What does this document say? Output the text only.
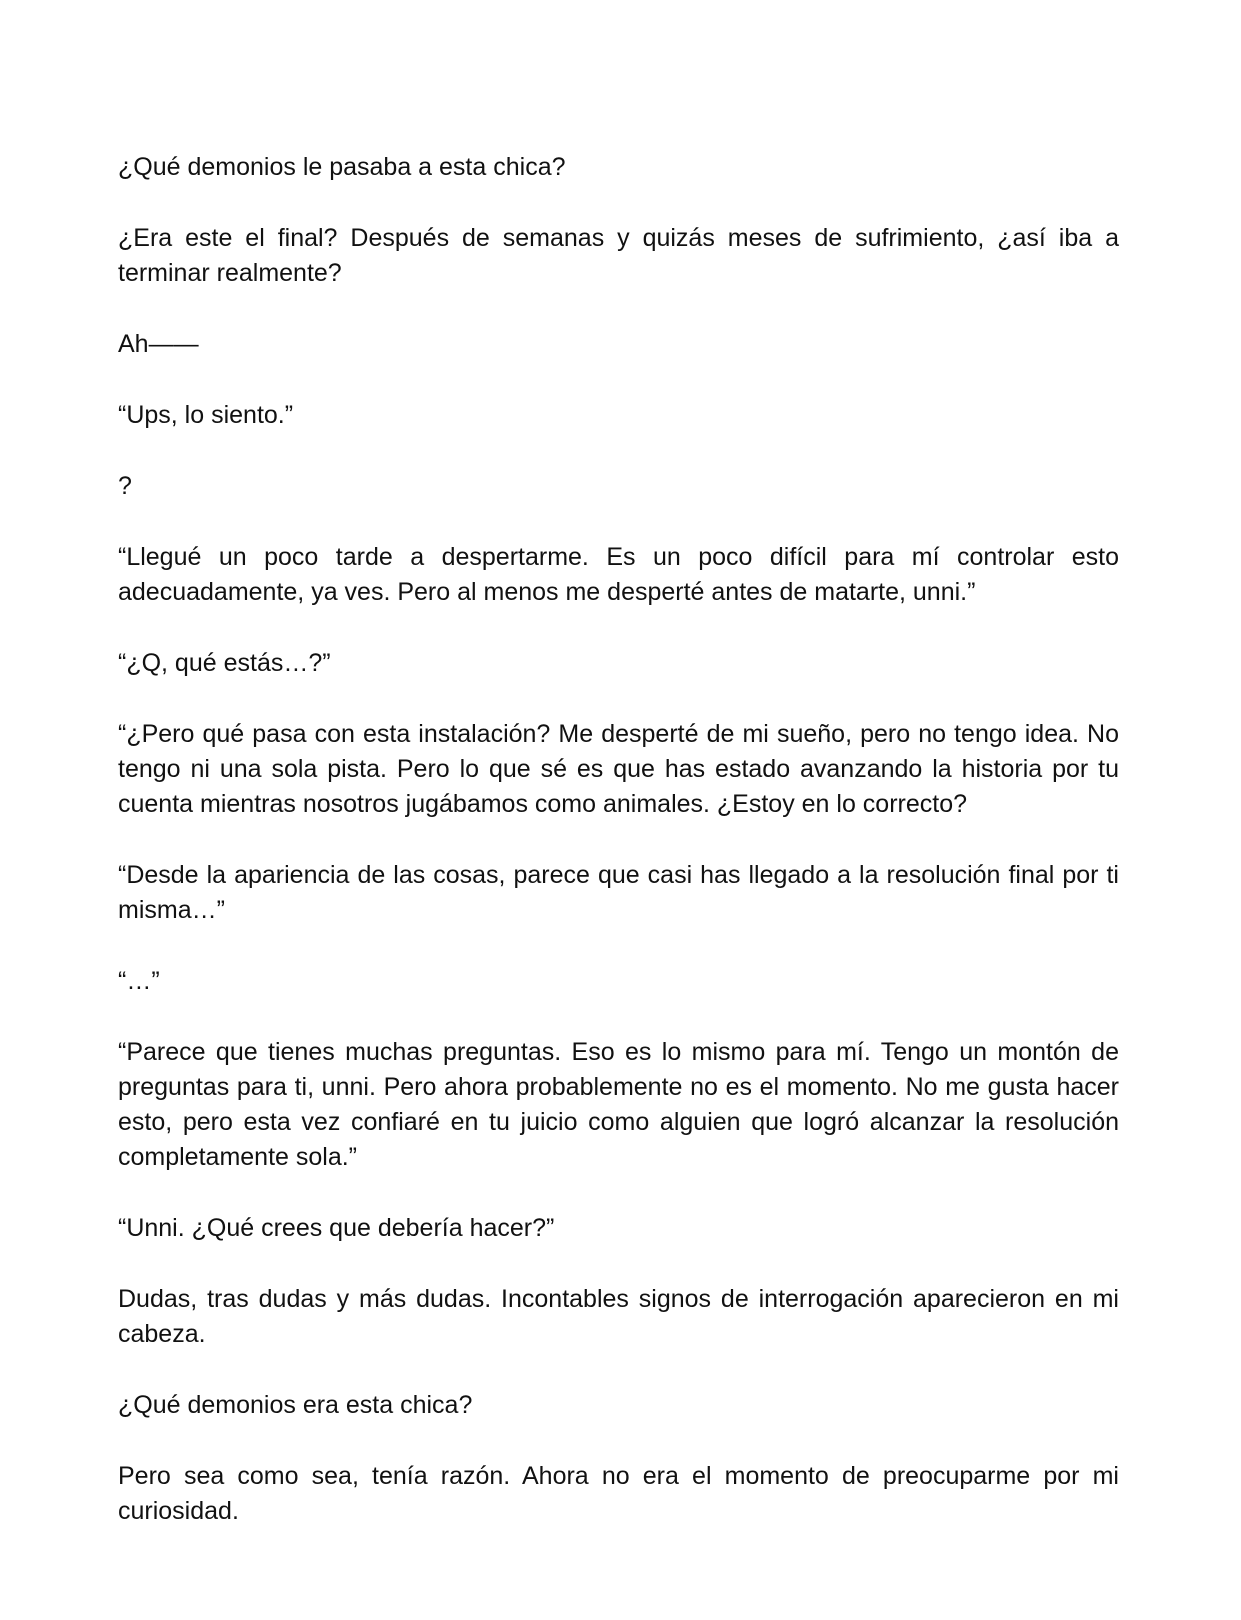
¿Qué demonios le pasaba a esta chica?

¿Era este el final? Después de semanas y quizás meses de sufrimiento, ¿así iba a terminar realmente?

Ah——

“Ups, lo siento.”

?

“Llegué un poco tarde a despertarme. Es un poco difícil para mí controlar esto adecuadamente, ya ves. Pero al menos me desperté antes de matarte, unni.”

“¿Q, qué estás…?”

“¿Pero qué pasa con esta instalación? Me desperté de mi sueño, pero no tengo idea. No tengo ni una sola pista. Pero lo que sé es que has estado avanzando la historia por tu cuenta mientras nosotros jugábamos como animales. ¿Estoy en lo correcto?

“Desde la apariencia de las cosas, parece que casi has llegado a la resolución final por ti misma…”

“…”

“Parece que tienes muchas preguntas. Eso es lo mismo para mí. Tengo un montón de preguntas para ti, unni. Pero ahora probablemente no es el momento. No me gusta hacer esto, pero esta vez confiaré en tu juicio como alguien que logró alcanzar la resolución completamente sola.”

“Unni. ¿Qué crees que debería hacer?”

Dudas, tras dudas y más dudas. Incontables signos de interrogación aparecieron en mi cabeza.

¿Qué demonios era esta chica?

Pero sea como sea, tenía razón. Ahora no era el momento de preocuparme por mi curiosidad.
